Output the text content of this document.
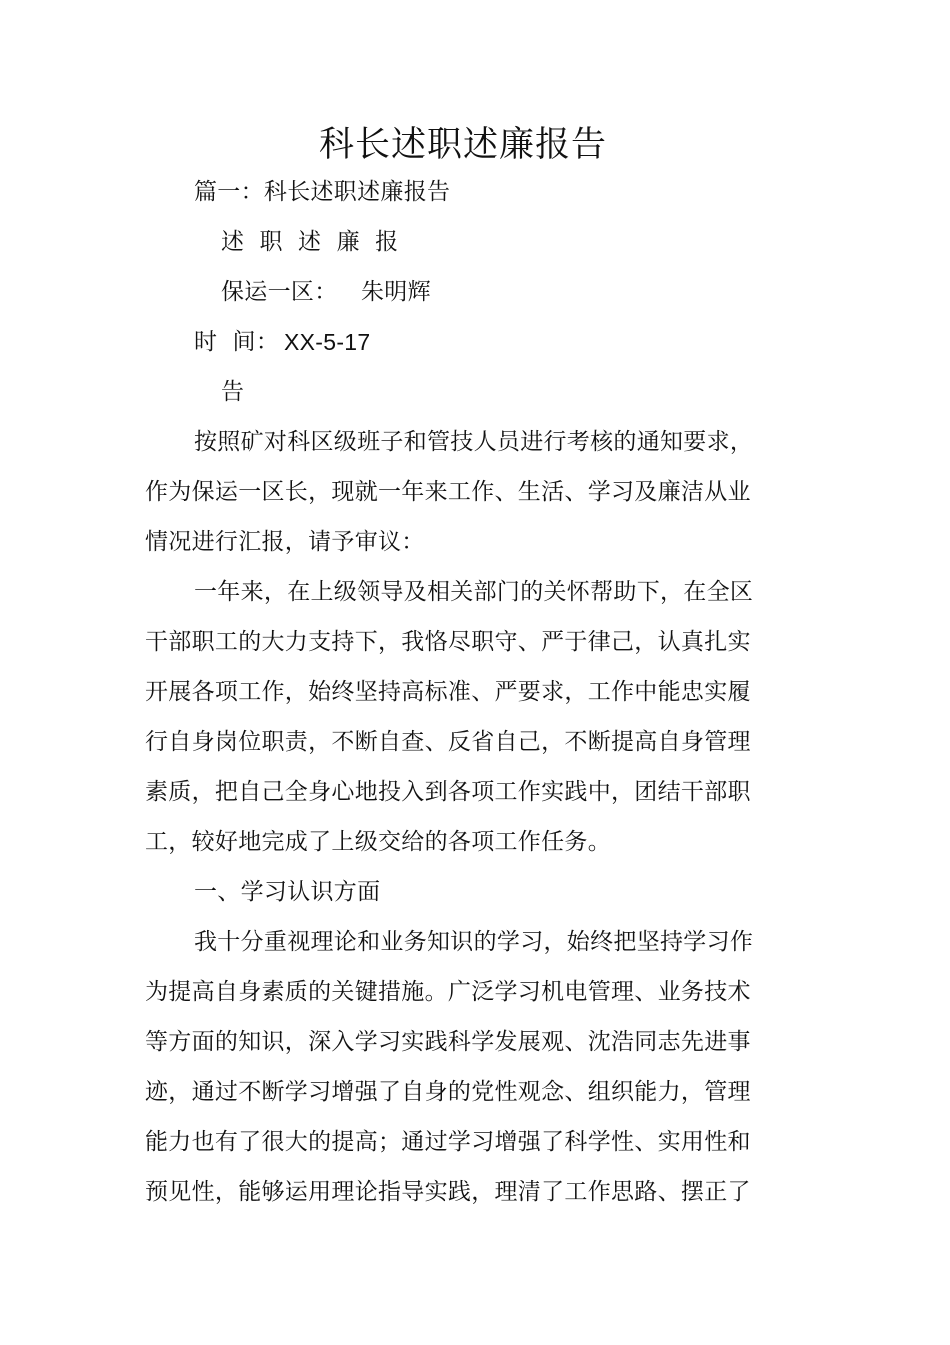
科长述职述廉报告
篇一：科长述职述廉报告
述  职  述  廉  报
保运一区： 朱明辉
时  间： XX-5-17
告
按照矿对科区级班子和管技人员进行考核的通知要求，
作为保运一区长，现就一年来工作、生活、学习及廉洁从业
情况进行汇报，请予审议：
一年来，在上级领导及相关部门的关怀帮助下，在全区
干部职工的大力支持下，我恪尽职守、严于律己，认真扎实
开展各项工作，始终坚持高标准、严要求，工作中能忠实履
行自身岗位职责，不断自查、反省自己，不断提高自身管理
素质，把自己全身心地投入到各项工作实践中，团结干部职
工，较好地完成了上级交给的各项工作任务。
一、学习认识方面
我十分重视理论和业务知识的学习，始终把坚持学习作
为提高自身素质的关键措施。广泛学习机电管理、业务技术
等方面的知识，深入学习实践科学发展观、沈浩同志先进事
迹，通过不断学习增强了自身的党性观念、组织能力，管理
能力也有了很大的提高；通过学习增强了科学性、实用性和
预见性，能够运用理论指导实践，理清了工作思路、摆正了
